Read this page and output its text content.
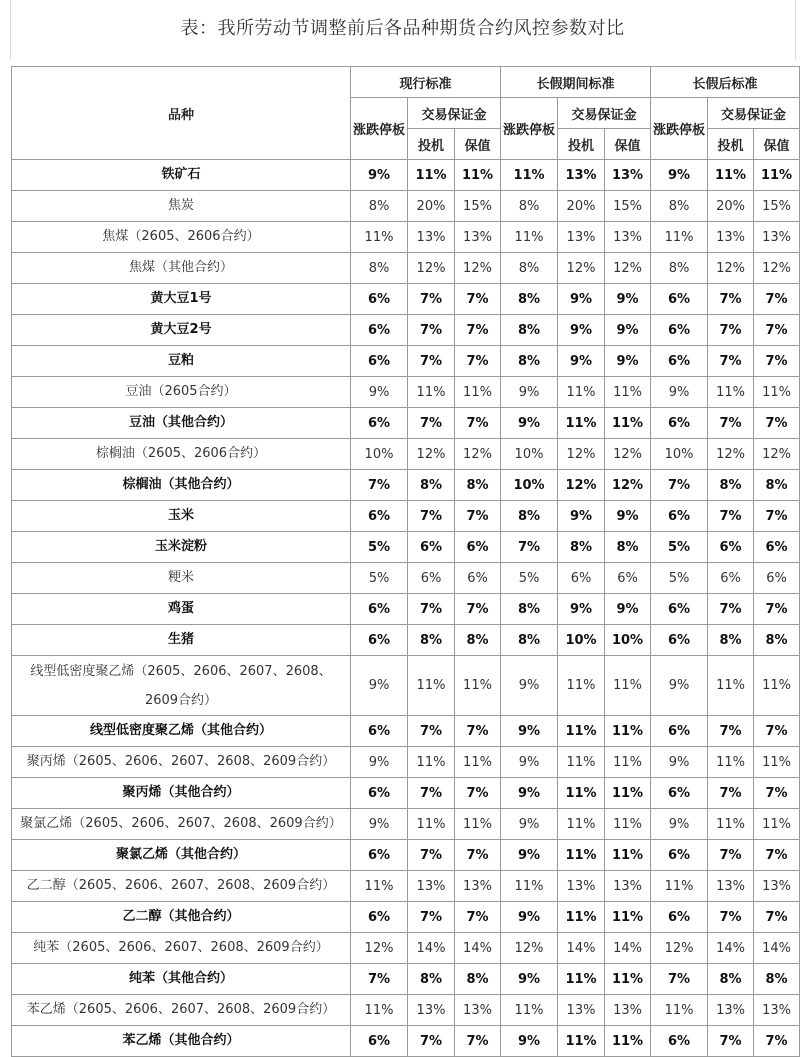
表：我所劳动节调整前后各品种期货合约风控参数对比
品种	现行标准			长假期间标准			长假后标准		
	涨跌停板	交易保证金		涨跌停板	交易保证金		涨跌停板	交易保证金	
		投机	保值		投机	保值		投机	保值
铁矿石	9%	11%	11%	11%	13%	13%	9%	11%	11%
焦炭	8%	20%	15%	8%	20%	15%	8%	20%	15%
焦煤（2605、2606合约）	11%	13%	13%	11%	13%	13%	11%	13%	13%
焦煤（其他合约）	8%	12%	12%	8%	12%	12%	8%	12%	12%
黄大豆1号	6%	7%	7%	8%	9%	9%	6%	7%	7%
黄大豆2号	6%	7%	7%	8%	9%	9%	6%	7%	7%
豆粕	6%	7%	7%	8%	9%	9%	6%	7%	7%
豆油（2605合约）	9%	11%	11%	9%	11%	11%	9%	11%	11%
豆油（其他合约）	6%	7%	7%	9%	11%	11%	6%	7%	7%
棕榈油（2605、2606合约）	10%	12%	12%	10%	12%	12%	10%	12%	12%
棕榈油（其他合约）	7%	8%	8%	10%	12%	12%	7%	8%	8%
玉米	6%	7%	7%	8%	9%	9%	6%	7%	7%
玉米淀粉	5%	6%	6%	7%	8%	8%	5%	6%	6%
粳米	5%	6%	6%	5%	6%	6%	5%	6%	6%
鸡蛋	6%	7%	7%	8%	9%	9%	6%	7%	7%
生猪	6%	8%	8%	8%	10%	10%	6%	8%	8%
线型低密度聚乙烯（2605、2606、2607、2608、2609合约）	9%	11%	11%	9%	11%	11%	9%	11%	11%
线型低密度聚乙烯（其他合约）	6%	7%	7%	9%	11%	11%	6%	7%	7%
聚丙烯（2605、2606、2607、2608、2609合约）	9%	11%	11%	9%	11%	11%	9%	11%	11%
聚丙烯（其他合约）	6%	7%	7%	9%	11%	11%	6%	7%	7%
聚氯乙烯（2605、2606、2607、2608、2609合约）	9%	11%	11%	9%	11%	11%	9%	11%	11%
聚氯乙烯（其他合约）	6%	7%	7%	9%	11%	11%	6%	7%	7%
乙二醇（2605、2606、2607、2608、2609合约）	11%	13%	13%	11%	13%	13%	11%	13%	13%
乙二醇（其他合约）	6%	7%	7%	9%	11%	11%	6%	7%	7%
纯苯（2605、2606、2607、2608、2609合约）	12%	14%	14%	12%	14%	14%	12%	14%	14%
纯苯（其他合约）	7%	8%	8%	9%	11%	11%	7%	8%	8%
苯乙烯（2605、2606、2607、2608、2609合约）	11%	13%	13%	11%	13%	13%	11%	13%	13%
苯乙烯（其他合约）	6%	7%	7%	9%	11%	11%	6%	7%	7%
